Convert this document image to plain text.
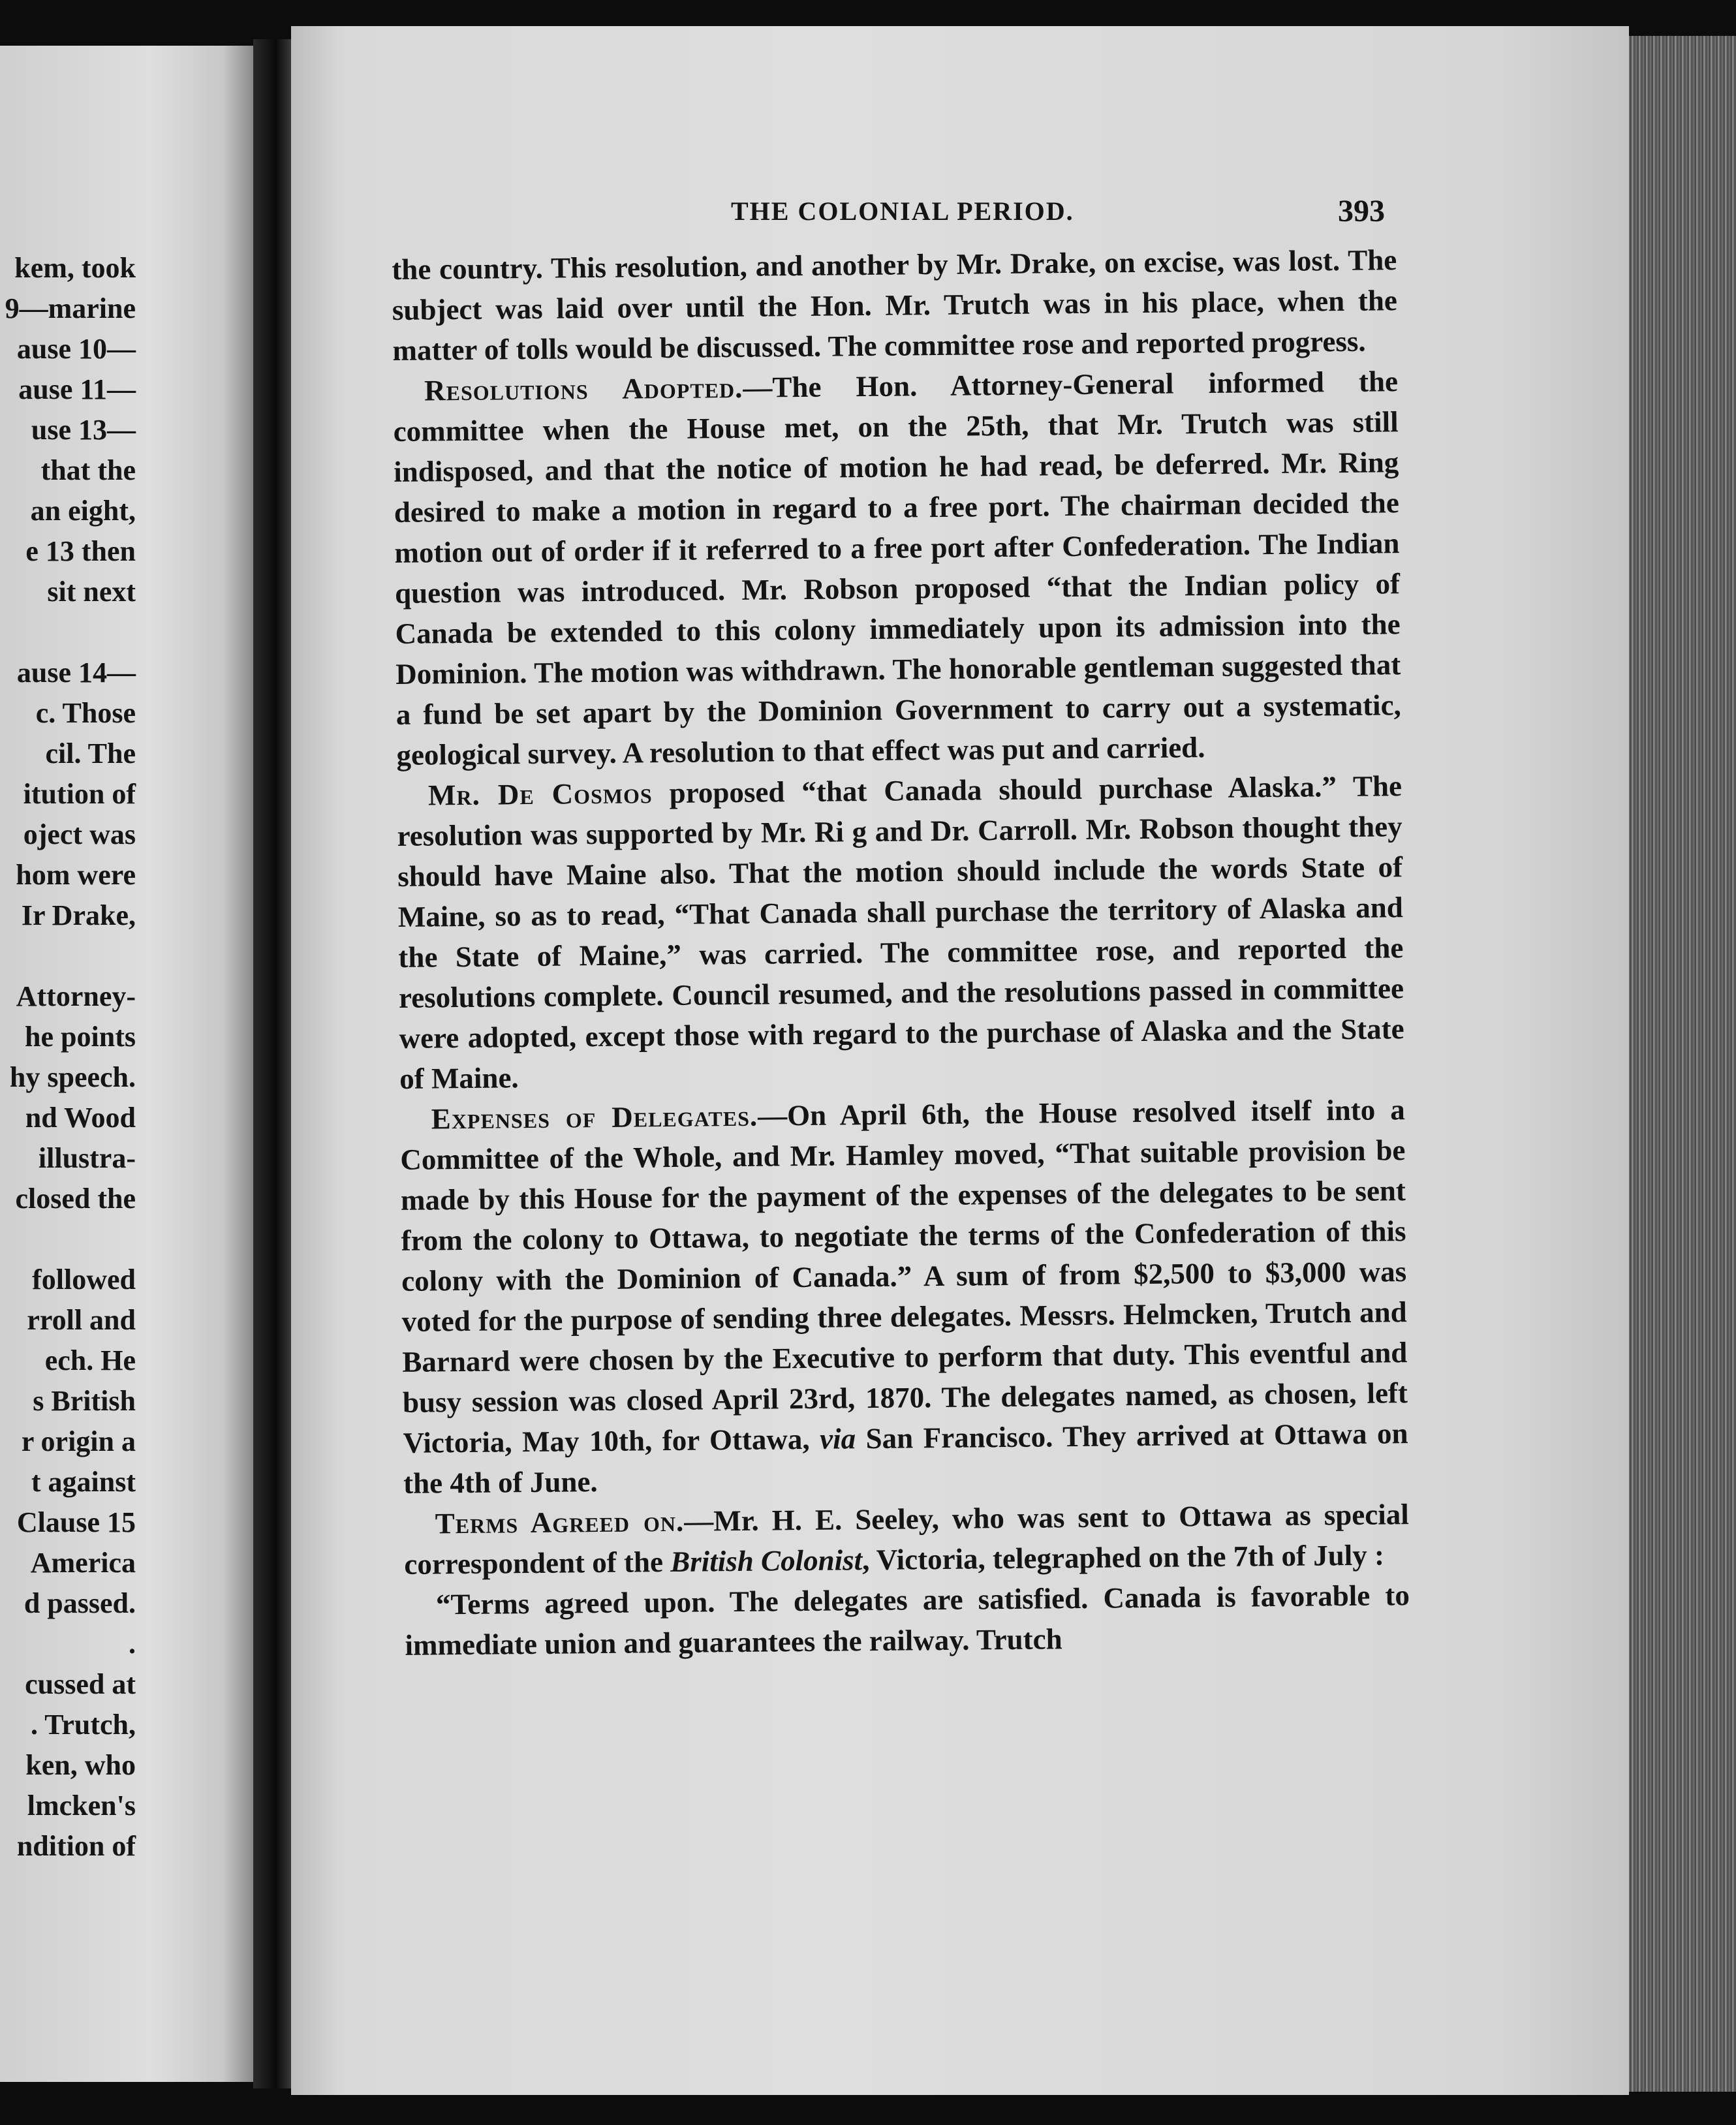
kem, took
9—marine
ause 10—
ause 11—
use 13—
that the
an eight,
e 13 then
sit next
ause 14—
c. Those
cil. The
itution of
oject was
hom were
Ir Drake,
Attorney-
he points
hy speech.
nd Wood
illustra-
closed the
followed
rroll and
ech. He
s British
r origin a
t against
Clause 15
America
d passed.
.
cussed at
. Trutch,
ken, who
lmcken's
ndition of
THE COLONIAL PERIOD.	393

the country. This resolution, and another by Mr. Drake, on excise, was lost. The subject was laid over until the Hon. Mr. Trutch was in his place, when the matter of tolls would be discussed. The committee rose and reported progress.

Resolutions Adopted.—The Hon. Attorney-General informed the committee when the House met, on the 25th, that Mr. Trutch was still indisposed, and that the notice of motion he had read, be deferred. Mr. Ring desired to make a motion in regard to a free port. The chairman decided the motion out of order if it referred to a free port after Confederation. The Indian question was introduced. Mr. Robson proposed “that the Indian policy of Canada be extended to this colony immediately upon its admission into the Dominion. The motion was withdrawn. The honorable gentleman suggested that a fund be set apart by the Dominion Government to carry out a systematic, geological survey. A resolution to that effect was put and carried.

Mr. De Cosmos proposed “that Canada should purchase Alaska.” The resolution was supported by Mr. Ri g and Dr. Carroll. Mr. Robson thought they should have Maine also. That the motion should include the words State of Maine, so as to read, “That Canada shall purchase the territory of Alaska and the State of Maine,” was carried. The committee rose, and reported the resolutions complete. Council resumed, and the resolutions passed in committee were adopted, except those with regard to the purchase of Alaska and the State of Maine.

Expenses of Delegates.—On April 6th, the House resolved itself into a Committee of the Whole, and Mr. Hamley moved, “That suitable provision be made by this House for the payment of the expenses of the delegates to be sent from the colony to Ottawa, to negotiate the terms of the Confederation of this colony with the Dominion of Canada.” A sum of from $2,500 to $3,000 was voted for the purpose of sending three delegates. Messrs. Helmcken, Trutch and Barnard were chosen by the Executive to perform that duty. This eventful and busy session was closed April 23rd, 1870. The delegates named, as chosen, left Victoria, May 10th, for Ottawa, via San Francisco. They arrived at Ottawa on the 4th of June.

Terms Agreed on.—Mr. H. E. Seeley, who was sent to Ottawa as special correspondent of the British Colonist, Victoria, telegraphed on the 7th of July :

“Terms agreed upon. The delegates are satisfied. Canada is favorable to immediate union and guarantees the railway. Trutch
